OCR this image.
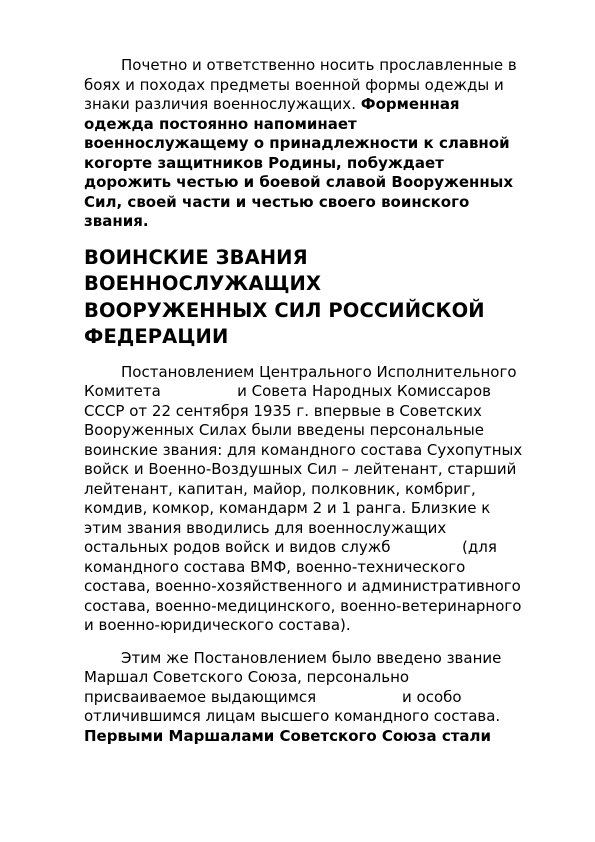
Почетно и ответственно носить прославленные в
боях и походах предметы военной формы одежды и
знаки различия военнослужащих. Форменная
одежда постоянно напоминает
военнослужащему о принадлежности к славной
когорте защитников Родины, побуждает
дорожить честью и боевой славой Вооруженных
Сил, своей части и честью своего воинского
звания.

ВОИНСКИЕ ЗВАНИЯ
ВОЕННОСЛУЖАЩИХ
ВООРУЖЕННЫХ СИЛ РОССИЙСКОЙ
ФЕДЕРАЦИИ

Постановлением Центрального Исполнительного
Комитета                и Совета Народных Комиссаров
СССР от 22 сентября 1935 г. впервые в Советских
Вооруженных Силах были введены персональные
воинские звания: для командного состава Сухопутных
войск и Военно-Воздушных Сил – лейтенант, старший
лейтенант, капитан, майор, полковник, комбриг,
комдив, комкор, командарм 2 и 1 ранга. Близкие к
этим звания вводились для военнослужащих
остальных родов войск и видов служб               (для
командного состава ВМФ, военно-технического
состава, военно-хозяйственного и административного
состава, военно-медицинского, военно-ветеринарного
и военно-юридического состава).

Этим же Постановлением было введено звание
Маршал Советского Союза, персонально
присваиваемое выдающимся                  и особо
отличившимся лицам высшего командного состава.
Первыми Маршалами Советского Союза стали
